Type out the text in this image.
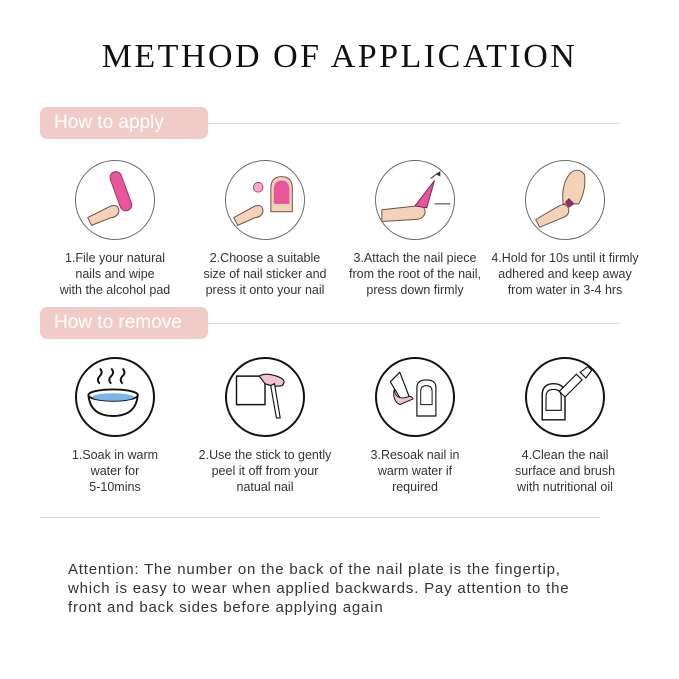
METHOD OF APPLICATION
How to apply
1.File your natural
nails and wipe
with the alcohol pad
2.Choose a suitable
size of nail sticker and
press it onto your nail
3.Attach the nail piece
from the root of the nail,
press down firmly
4.Hold for 10s until it firmly
adhered and keep away
from water in 3-4 hrs
How to remove
1.Soak in warm
water for
5-10mins
2.Use the stick to gently
peel it off from your
natual nail
3.Resoak nail in
warm water if
required
4.Clean the nail
surface and brush
with nutritional oil
Attention: The number on the back of the nail plate is the fingertip,
which is easy to wear when applied backwards. Pay attention to the
front and back sides before applying again
